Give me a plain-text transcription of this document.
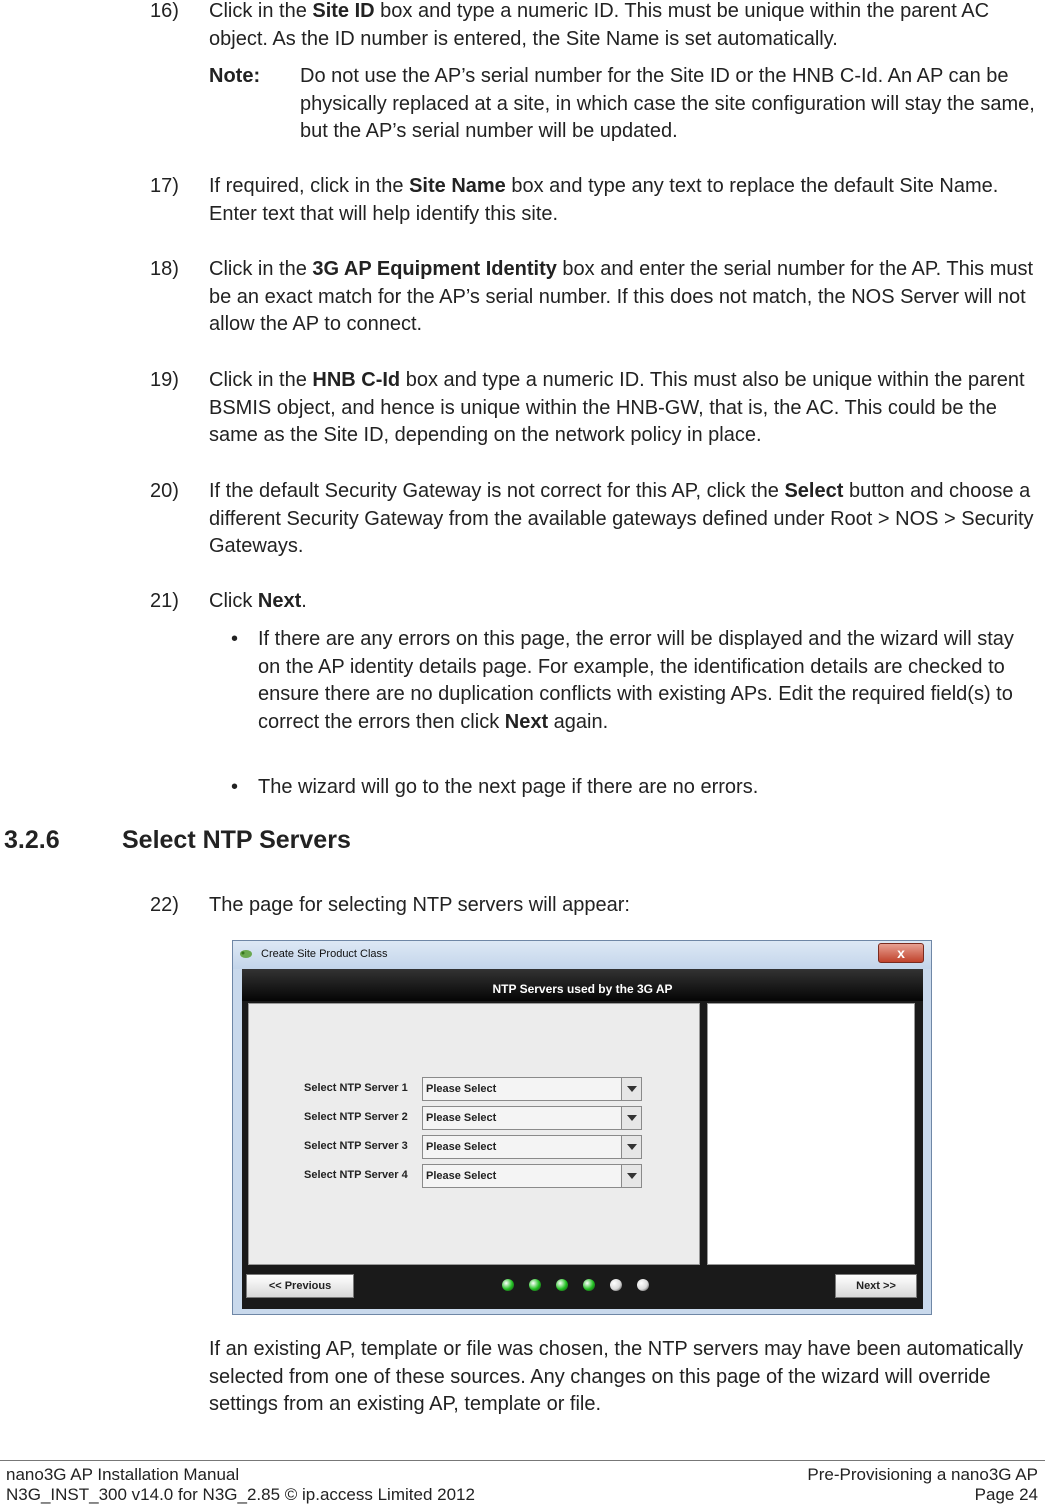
16) Click in the Site ID box and type a numeric ID. This must be unique within the parent AC object. As the ID number is entered, the Site Name is set automatically.
Note: Do not use the AP’s serial number for the Site ID or the HNB C-Id. An AP can be physically replaced at a site, in which case the site configuration will stay the same, but the AP’s serial number will be updated.
17) If required, click in the Site Name box and type any text to replace the default Site Name. Enter text that will help identify this site.
18) Click in the 3G AP Equipment Identity box and enter the serial number for the AP. This must be an exact match for the AP’s serial number. If this does not match, the NOS Server will not allow the AP to connect.
19) Click in the HNB C-Id box and type a numeric ID. This must also be unique within the parent BSMIS object, and hence is unique within the HNB-GW, that is, the AC. This could be the same as the Site ID, depending on the network policy in place.
20) If the default Security Gateway is not correct for this AP, click the Select button and choose a different Security Gateway from the available gateways defined under Root > NOS > Security Gateways.
21) Click Next.
• If there are any errors on this page, the error will be displayed and the wizard will stay on the AP identity details page. For example, the identification details are checked to ensure there are no duplication conflicts with existing APs. Edit the required field(s) to correct the errors then click Next again.
• The wizard will go to the next page if there are no errors.
3.2.6 Select NTP Servers
22) The page for selecting NTP servers will appear:
Create Site Product Class	x
NTP Servers used by the 3G AP
Select NTP Server 1 Please Select
Select NTP Server 2 Please Select
Select NTP Server 3 Please Select
Select NTP Server 4 Please Select
<< Previous	Next >>
If an existing AP, template or file was chosen, the NTP servers may have been automatically selected from one of these sources. Any changes on this page of the wizard will override settings from an existing AP, template or file.
nano3G AP Installation Manual
N3G_INST_300 v14.0 for N3G_2.85 © ip.access Limited 2012
Pre-Provisioning a nano3G AP
Page 24
